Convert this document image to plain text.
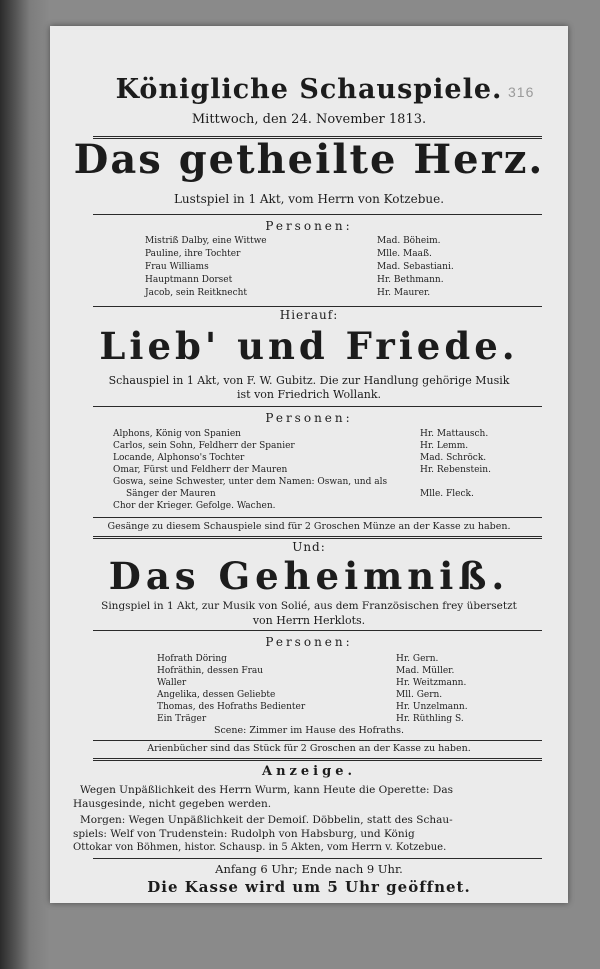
Königliche Schauspiele.
Mittwoch, den 24. November 1813.
Das getheilte Herz.
Lustspiel in 1 Akt, vom Herrn von Kotzebue.
Personen:
Mistriß Dalby, eine Wittwe	Mad. Böheim.
Pauline, ihre Tochter	Mlle. Maaß.
Frau Williams	Mad. Sebastiani.
Hauptmann Dorset	Hr. Bethmann.
Jacob, sein Reitknecht	Hr. Maurer.
Hierauf:
Lieb' und Friede.
Schauspiel in 1 Akt, von F. W. Gubitz. Die zur Handlung gehörige Musik
ist von Friedrich Wollank.
Personen:
Alphons, König von Spanien	Hr. Mattausch.
Carlos, sein Sohn, Feldherr der Spanier	Hr. Lemm.
Locande, Alphonso's Tochter	Mad. Schröck.
Omar, Fürst und Feldherr der Mauren	Hr. Rebenstein.
Goswa, seine Schwester, unter dem Namen: Oswan, und als
Sänger der Mauren	Mlle. Fleck.
Chor der Krieger. Gefolge. Wachen.
Gesänge zu diesem Schauspiele sind für 2 Groschen Münze an der Kasse zu haben.
Und:
Das Geheimniß.
Singspiel in 1 Akt, zur Musik von Solié, aus dem Französischen frey übersetzt
von Herrn Herklots.
Personen:
Hofrath Döring	Hr. Gern.
Hofräthin, dessen Frau	Mad. Müller.
Waller	Hr. Weitzmann.
Angelika, dessen Geliebte	Mll. Gern.
Thomas, des Hofraths Bedienter	Hr. Unzelmann.
Ein Träger	Hr. Rüthling S.
Scene: Zimmer im Hause des Hofraths.
Arienbücher sind das Stück für 2 Groschen an der Kasse zu haben.
Anzeige.
Wegen Unpäßlichkeit des Herrn Wurm, kann Heute die Operette: Das
Hausgesinde, nicht gegeben werden.
Morgen: Wegen Unpäßlichkeit der Demoiſ. Döbbelin, statt des Schau-
spiels: Welf von Trudenstein: Rudolph von Habsburg, und König
Ottokar von Böhmen, histor. Schausp. in 5 Akten, vom Herrn v. Kotzebue.
Anfang 6 Uhr; Ende nach 9 Uhr.
Die Kasse wird um 5 Uhr geöffnet.
316
